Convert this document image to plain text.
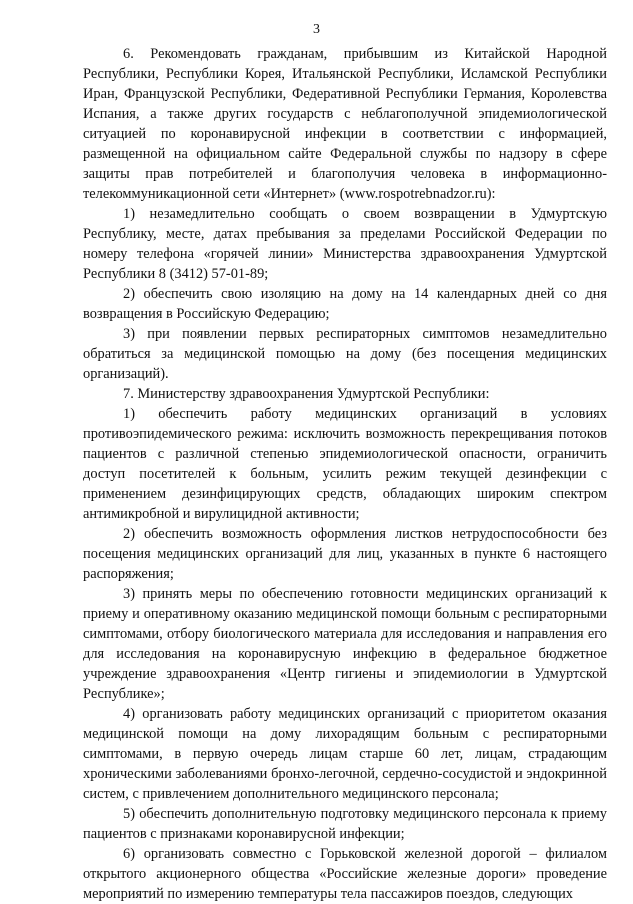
3

6. Рекомендовать гражданам, прибывшим из Китайской Народной Республики, Республики Корея, Итальянской Республики, Исламской Республики Иран, Французской Республики, Федеративной Республики Германия, Королевства Испания, а также других государств с неблагополучной эпидемиологической ситуацией по коронавирусной инфекции в соответствии с информацией, размещенной на официальном сайте Федеральной службы по надзору в сфере защиты прав потребителей и благополучия человека в информационно-телекоммуникационной сети «Интернет» (www.rospotrebnadzor.ru):

1) незамедлительно сообщать о своем возвращении в Удмуртскую Республику, месте, датах пребывания за пределами Российской Федерации по номеру телефона «горячей линии» Министерства здравоохранения Удмуртской Республики 8 (3412) 57-01-89;

2) обеспечить свою изоляцию на дому на 14 календарных дней со дня возвращения в Российскую Федерацию;

3) при появлении первых респираторных симптомов незамедлительно обратиться за медицинской помощью на дому (без посещения медицинских организаций).

7. Министерству здравоохранения Удмуртской Республики:

1) обеспечить работу медицинских организаций в условиях противоэпидемического режима: исключить возможность перекрещивания потоков пациентов с различной степенью эпидемиологической опасности, ограничить доступ посетителей к больным, усилить режим текущей дезинфекции с применением дезинфицирующих средств, обладающих широким спектром антимикробной и вирулицидной активности;

2) обеспечить возможность оформления листков нетрудоспособности без посещения медицинских организаций для лиц, указанных в пункте 6 настоящего распоряжения;

3) принять меры по обеспечению готовности медицинских организаций к приему и оперативному оказанию медицинской помощи больным с респираторными симптомами, отбору биологического материала для исследования и направления его для исследования на коронавирусную инфекцию в федеральное бюджетное учреждение здравоохранения «Центр гигиены и эпидемиологии в Удмуртской Республике»;

4) организовать работу медицинских организаций с приоритетом оказания медицинской помощи на дому лихорадящим больным с респираторными симптомами, в первую очередь лицам старше 60 лет, лицам, страдающим хроническими заболеваниями бронхо-легочной, сердечно-сосудистой и эндокринной систем, с привлечением дополнительного медицинского персонала;

5) обеспечить дополнительную подготовку медицинского персонала к приему пациентов с признаками коронавирусной инфекции;

6) организовать совместно с Горьковской железной дорогой – филиалом открытого акционерного общества «Российские железные дороги» проведение мероприятий по измерению температуры тела пассажиров поездов, следующих
